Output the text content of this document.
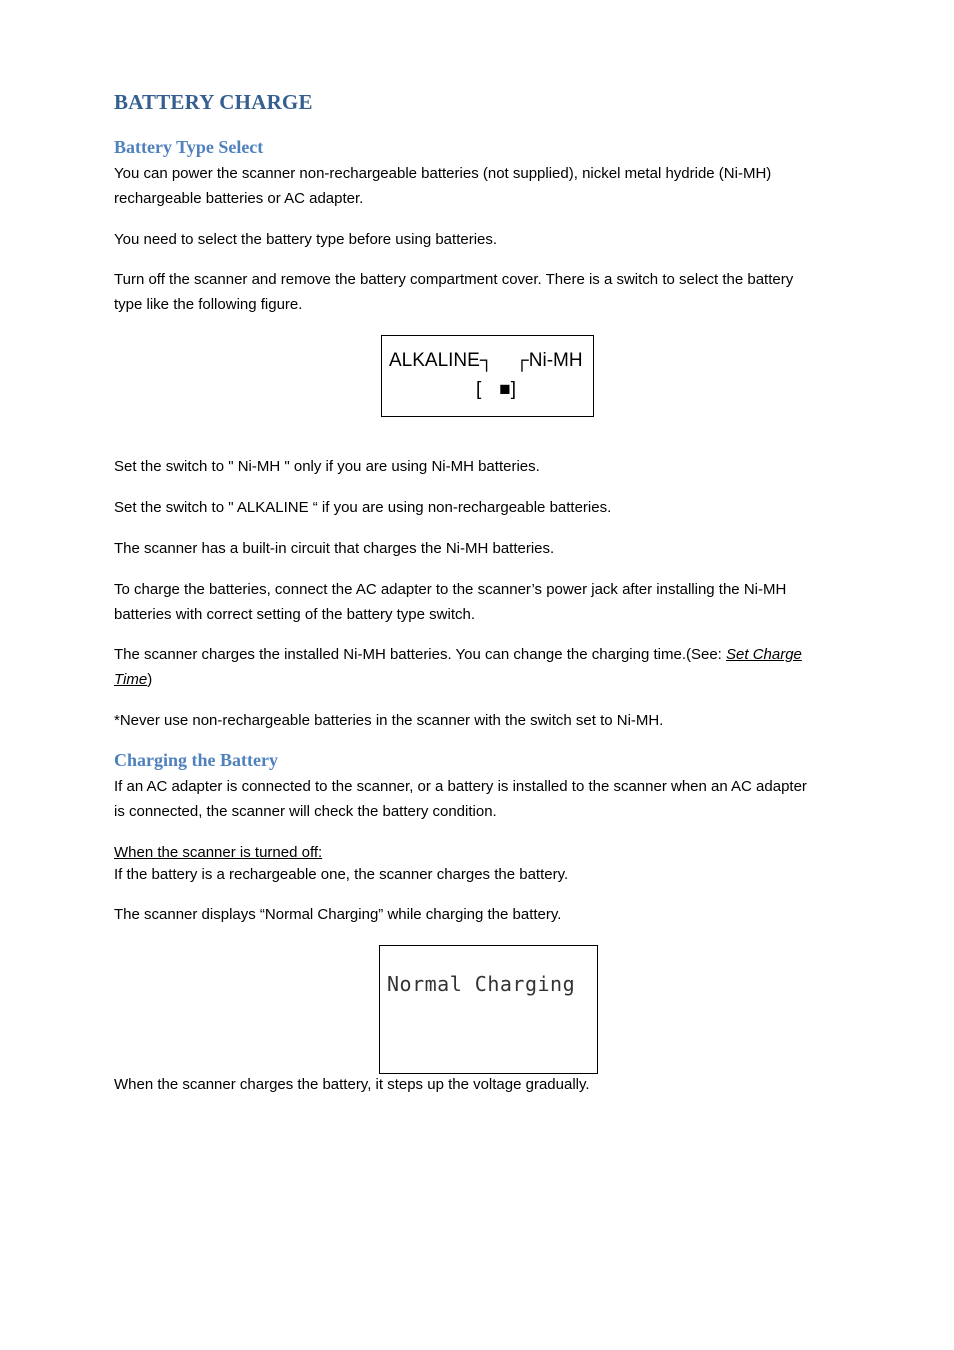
BATTERY CHARGE
Battery Type Select

You can power the scanner non-rechargeable batteries (not supplied), nickel metal hydride (Ni-MH)
rechargeable batteries or AC adapter.

You need to select the battery type before using batteries.

Turn off the scanner and remove the battery compartment cover. There is a switch to select the battery
type like the following figure.

Set the switch to " Ni-MH " only if you are using Ni-MH batteries.

Set the switch to " ALKALINE “ if you are using non-rechargeable batteries.

The scanner has a built-in circuit that charges the Ni-MH batteries.

To charge the batteries, connect the AC adapter to the scanner’s power jack after installing the Ni-MH
batteries with correct setting of the battery type switch.

The scanner charges the installed Ni-MH batteries. You can change the charging time.(See: Set Charge
Time)

*Never use non-rechargeable batteries in the scanner with the switch set to Ni-MH.

Charging the Battery

If an AC adapter is connected to the scanner, or a battery is installed to the scanner when an AC adapter
is connected, the scanner will check the battery condition.

When the scanner is turned off:

If the battery is a rechargeable one, the scanner charges the battery.

The scanner displays “Normal Charging” while charging the battery.

When the scanner charges the battery, it steps up the voltage gradually.

ALKALINE┐ ┌Ni-MH
[ ■]
Normal Charging
